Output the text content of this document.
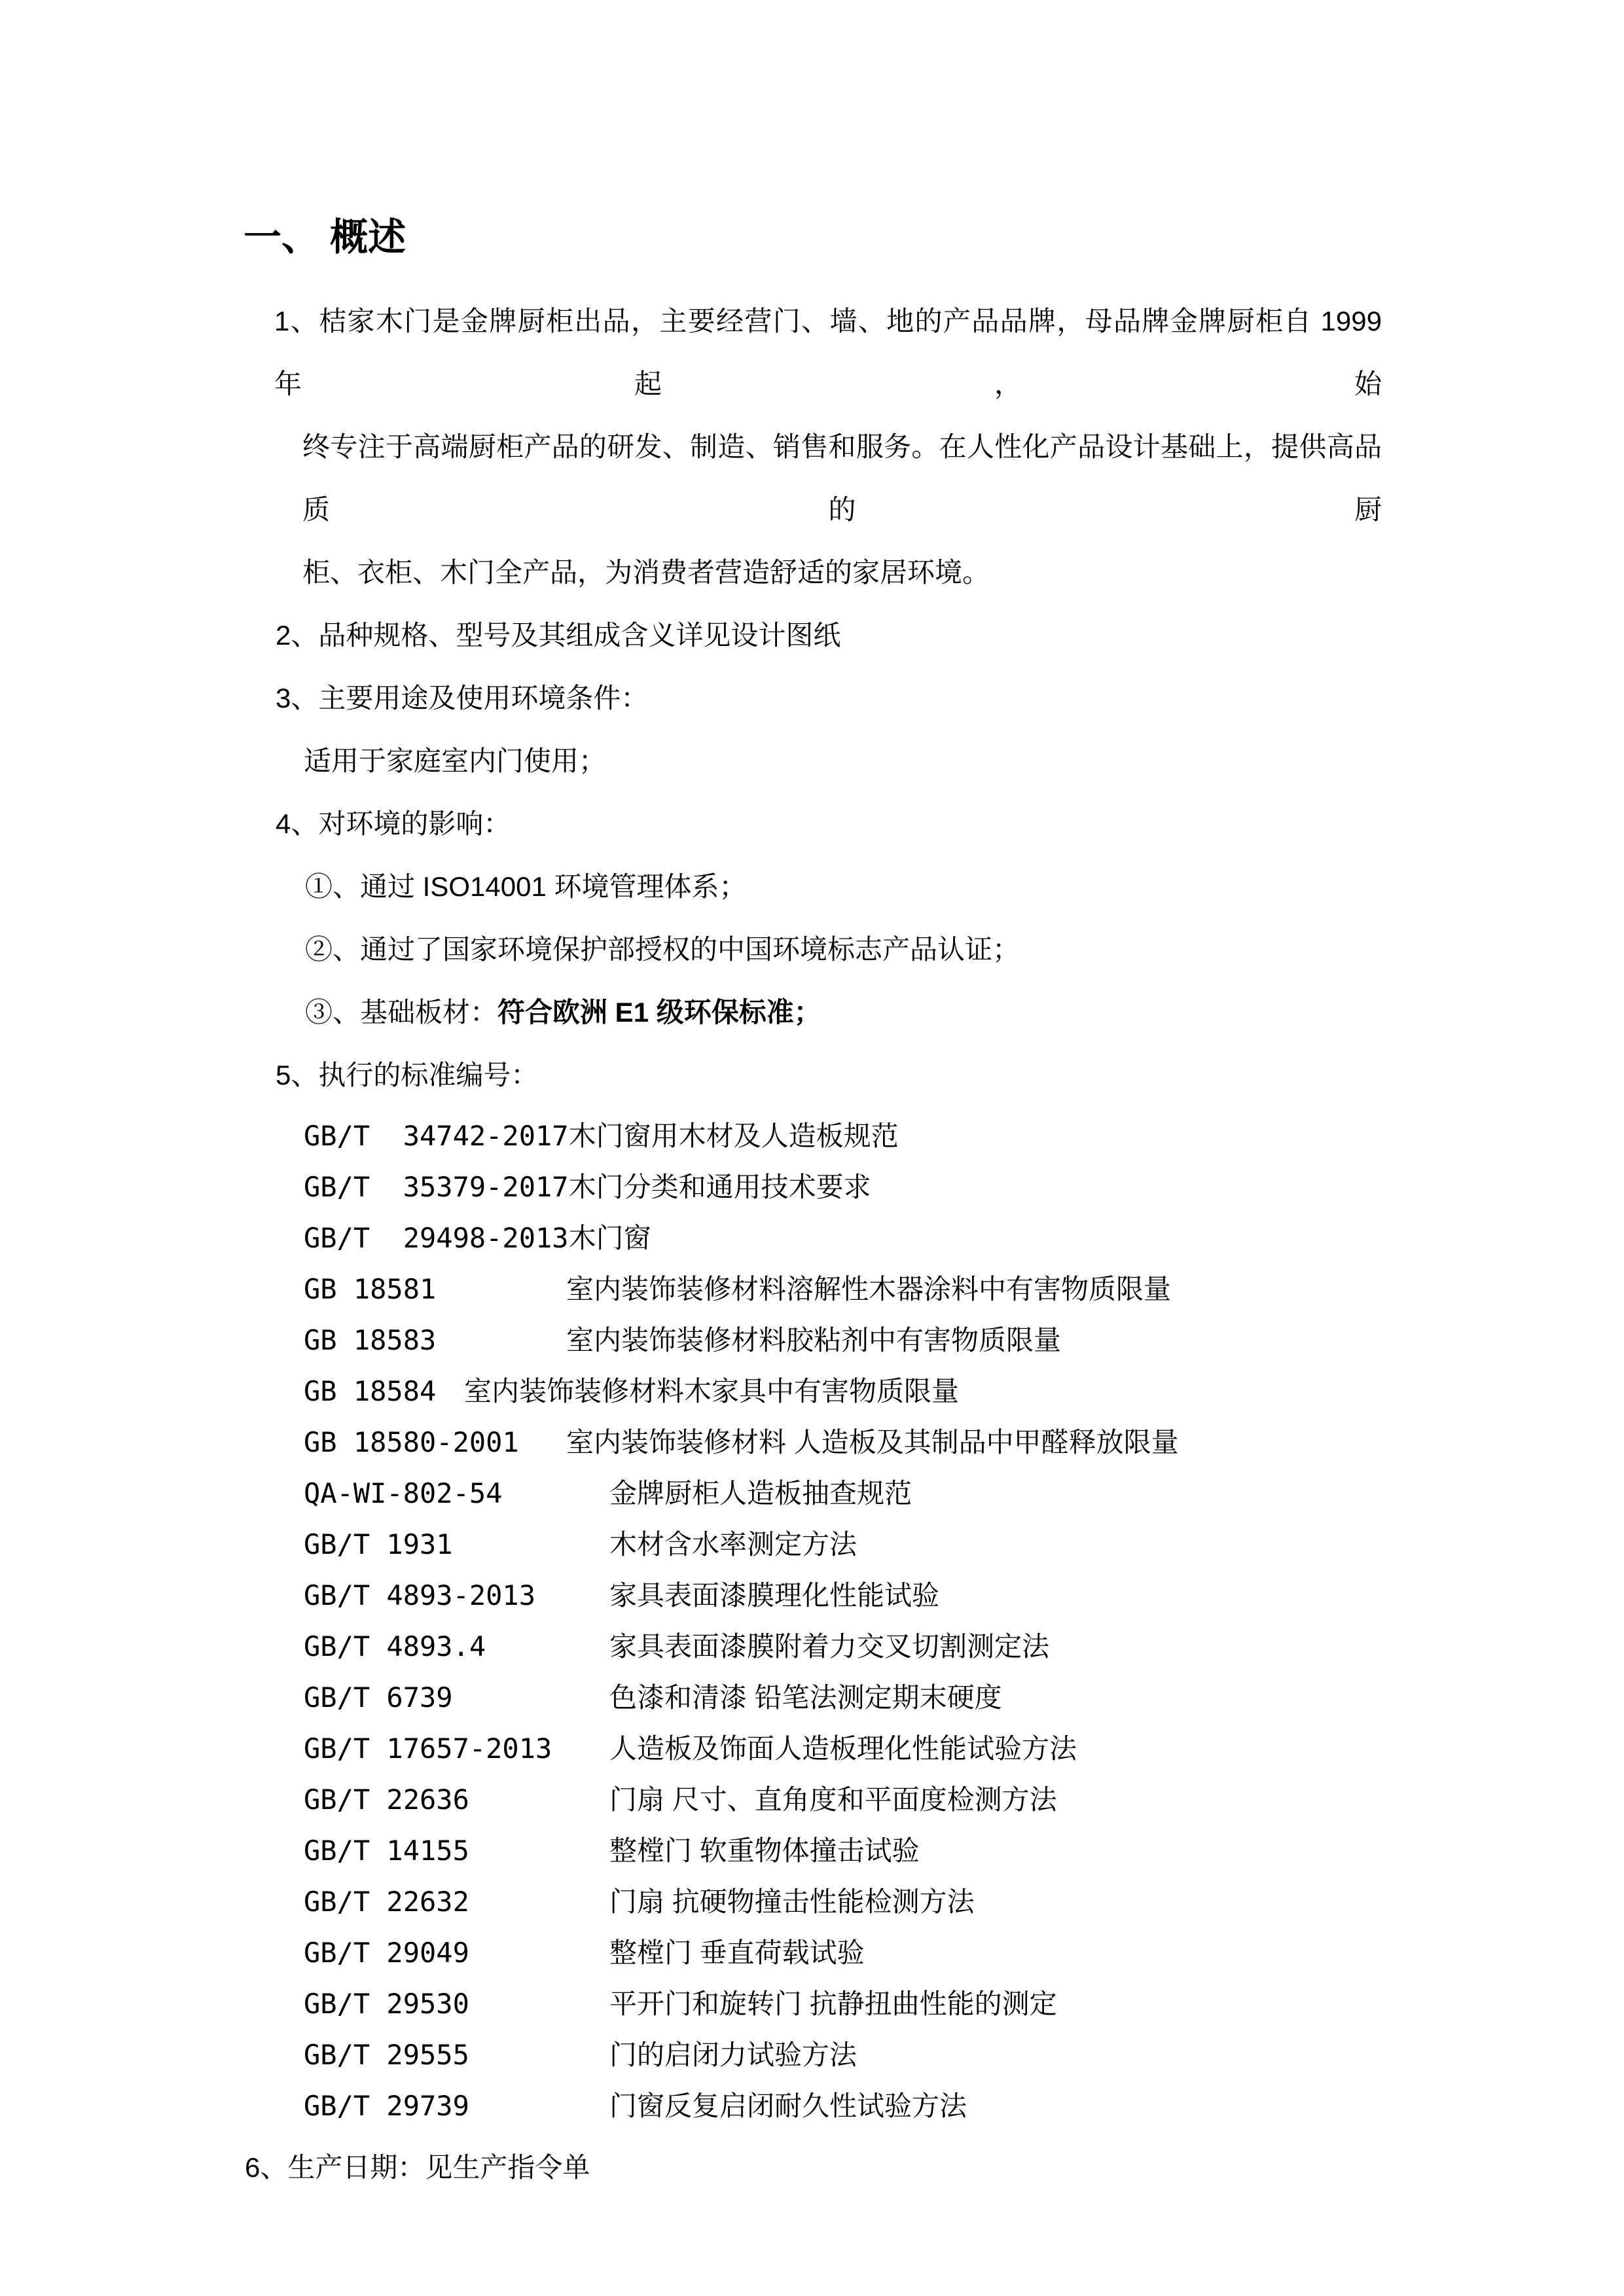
一、 概述
1、桔家木门是金牌厨柜出品，主要经营门、墙、地的产品品牌，母品牌金牌厨柜自 1999 年起，始
终专注于高端厨柜产品的研发、制造、销售和服务。在人性化产品设计基础上，提供高品质的厨
柜、衣柜、木门全产品，为消费者营造舒适的家居环境。
2、品种规格、型号及其组成含义详见设计图纸
3、主要用途及使用环境条件：
适用于家庭室内门使用；
4、对环境的影响：
①、通过 ISO14001 环境管理体系；
②、通过了国家环境保护部授权的中国环境标志产品认证；
③、基础板材：符合欧洲 E1 级环保标准；
5、执行的标准编号：
GB/T  34742-2017 木门窗用木材及人造板规范
GB/T  35379-2017 木门分类和通用技术要求
GB/T  29498-2013 木门窗
GB 18581	室内装饰装修材料溶解性木器涂料中有害物质限量
GB 18583	室内装饰装修材料胶粘剂中有害物质限量
GB 18584	室内装饰装修材料木家具中有害物质限量
GB 18580-2001	室内装饰装修材料 人造板及其制品中甲醛释放限量
QA-WI-802-54	金牌厨柜人造板抽查规范
GB/T 1931	木材含水率测定方法
GB/T 4893-2013	家具表面漆膜理化性能试验
GB/T 4893.4	家具表面漆膜附着力交叉切割测定法
GB/T 6739	色漆和清漆 铅笔法测定期末硬度
GB/T 17657-2013	人造板及饰面人造板理化性能试验方法
GB/T 22636	门扇 尺寸、直角度和平面度检测方法
GB/T 14155	整樘门 软重物体撞击试验
GB/T 22632	门扇 抗硬物撞击性能检测方法
GB/T 29049	整樘门 垂直荷载试验
GB/T 29530	平开门和旋转门 抗静扭曲性能的测定
GB/T 29555	门的启闭力试验方法
GB/T 29739	门窗反复启闭耐久性试验方法
6、生产日期：见生产指令单
